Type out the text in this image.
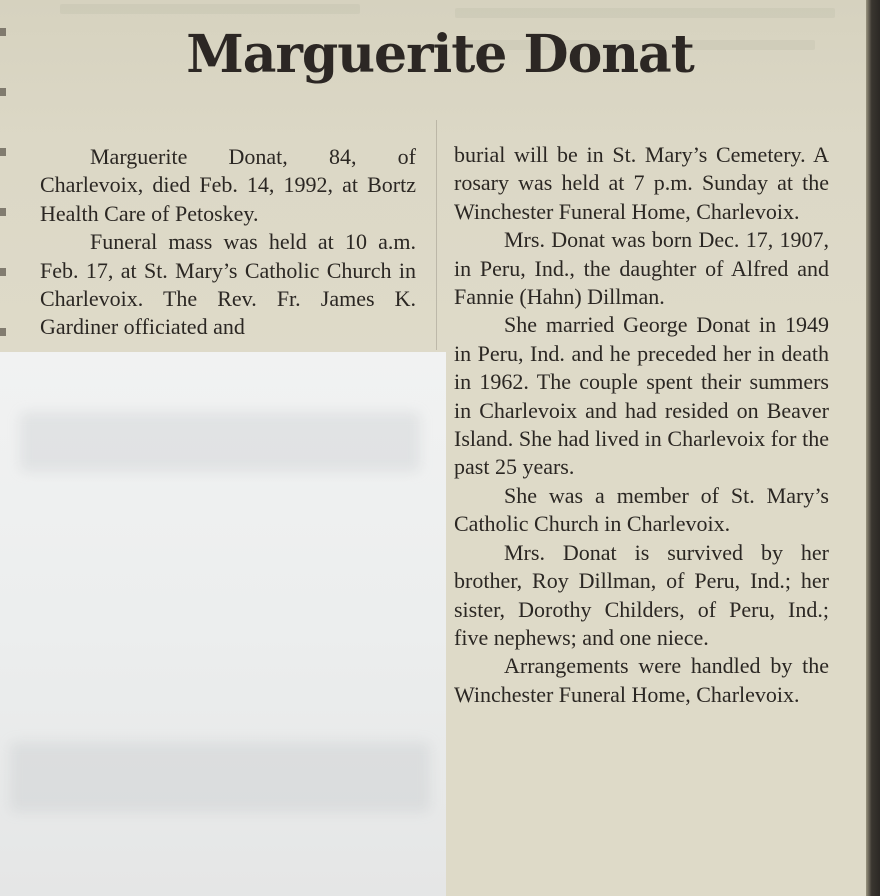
Marguerite Donat

Marguerite Donat, 84, of Charlevoix, died Feb. 14, 1992, at Bortz Health Care of Petoskey.

Funeral mass was held at 10 a.m. Feb. 17, at St. Mary’s Catholic Church in Charlevoix. The Rev. Fr. James K. Gardiner officiated and

burial will be in St. Mary’s Cemetery. A rosary was held at 7 p.m. Sunday at the Winchester Funeral Home, Charlevoix.

Mrs. Donat was born Dec. 17, 1907, in Peru, Ind., the daughter of Alfred and Fannie (Hahn) Dillman.

She married George Donat in 1949 in Peru, Ind. and he preceded her in death in 1962. The couple spent their summers in Charlevoix and had resided on Beaver Island. She had lived in Charlevoix for the past 25 years.

She was a member of St. Mary’s Catholic Church in Charlevoix.

Mrs. Donat is survived by her brother, Roy Dillman, of Peru, Ind.; her sister, Dorothy Childers, of Peru, Ind.; five nephews; and one niece.

Arrangements were handled by the Winchester Funeral Home, Charlevoix.
